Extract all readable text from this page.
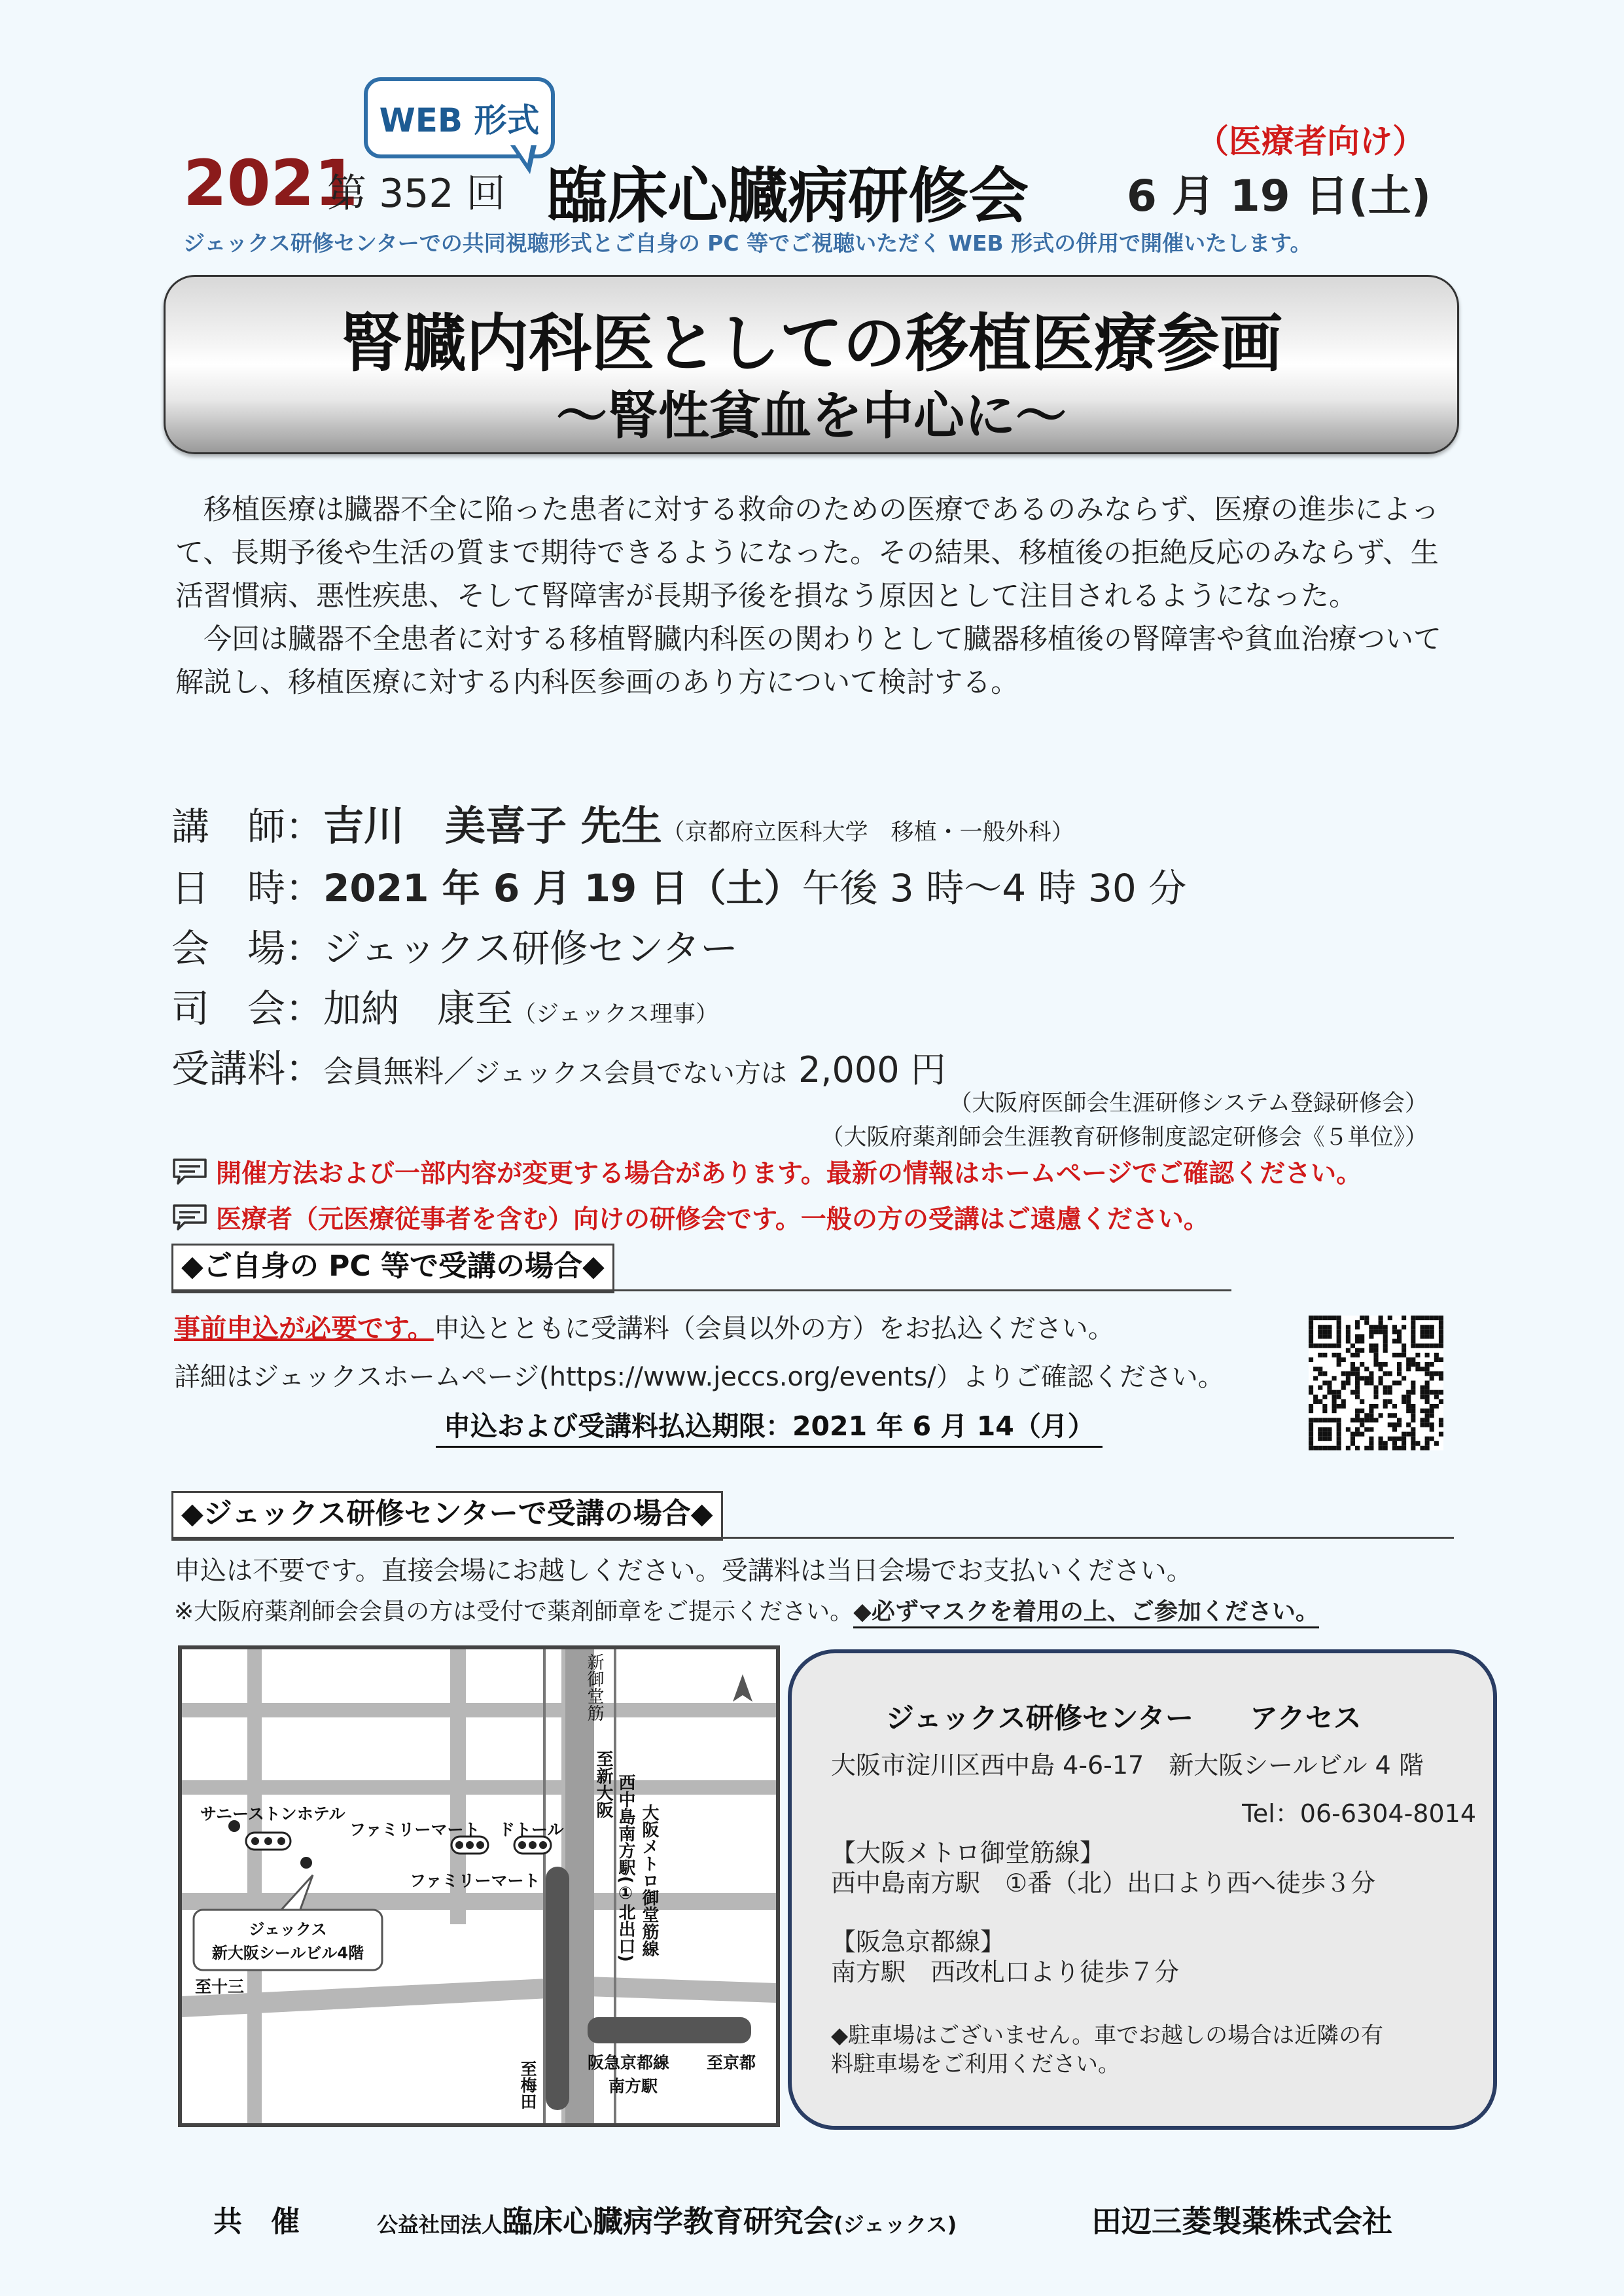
WEB 形式
（医療者向け）
2021
第 352 回 臨床心臓病研修会 6 月 19 日(土)
ジェックス研修センターでの共同視聴形式とご自身の PC 等でご視聴いただく WEB 形式の併用で開催いたします。
腎臓内科医としての移植医療参画
〜腎性貧血を中心に〜

移植医療は臓器不全に陥った患者に対する救命のための医療であるのみならず、医療の進歩によって、長期予後や生活の質まで期待できるようになった。その結果、移植後の拒絶反応のみならず、生活習慣病、悪性疾患、そして腎障害が長期予後を損なう原因として注目されるようになった。

今回は臓器不全患者に対する移植腎臓内科医の関わりとして臓器移植後の腎障害や貧血治療ついて解説し、移植医療に対する内科医参画のあり方について検討する。

講　師：吉川　美喜子 先生（京都府立医科大学　移植・一般外科）
日　時：2021 年 6 月 19 日（土）午後 3 時〜4 時 30 分
会　場：ジェックス研修センター
司　会：加納　康至（ジェックス理事）
受講料：会員無料／ジェックス会員でない方は 2,000 円
（大阪府医師会生涯研修システム登録研修会）
（大阪府薬剤師会生涯教育研修制度認定研修会《５単位》）
開催方法および一部内容が変更する場合があります。最新の情報はホームページでご確認ください。
医療者（元医療従事者を含む）向けの研修会です。 一般の方の受講はご遠慮ください。
◆ご自身の PC 等で受講の場合◆
事前申込が必要です。申込とともに受講料（会員以外の方）をお払込ください。
詳細はジェックスホームページ(https://www.jeccs.org/events/）よりご確認ください。
申込および受講料払込期限：2021 年 6 月 14（月）
◆ジェックス研修センターで受講の場合◆
申込は不要です。直接会場にお越しください。受講料は当日会場でお支払いください。
※大阪府薬剤師会会員の方は受付で薬剤師章をご提示ください。◆必ずマスクを着用の上、ご参加ください。
新御堂筋
至新大阪 西中島南方駅(①北出口) 大阪メトロ御堂筋線
サニーストンホテル
ファミリーマート ドトール
ファミリーマート
ジェックス
新大阪シールビル4階
至十三
阪急京都線
南方駅
至京都
至梅田
ジェックス研修センター　　アクセス
大阪市淀川区西中島 4-6-17　新大阪シールビル 4 階
Tel：06-6304-8014
【大阪メトロ御堂筋線】
西中島南方駅　①番（北）出口より西へ徒歩３分
【阪急京都線】
南方駅　西改札口より徒歩７分
◆駐車場はございません。車でお越しの場合は近隣の有
料駐車場をご利用ください。
共　催	公益社団法人臨床心臓病学教育研究会(ジェックス)	田辺三菱製薬株式会社
